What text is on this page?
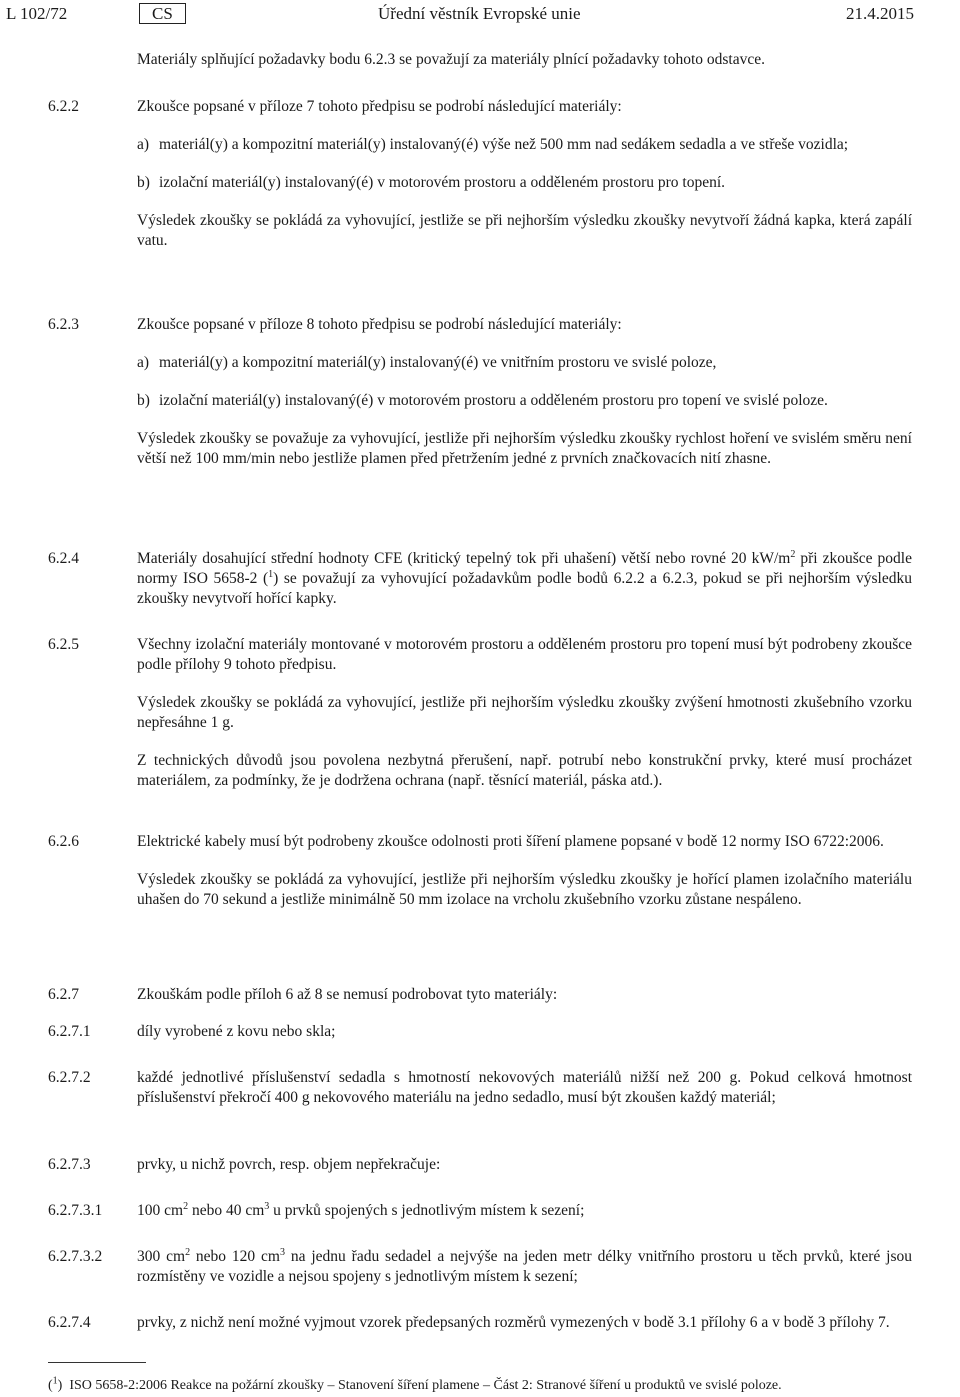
L 102/72	CS	Úřední věstník Evropské unie	21.4.2015
Materiály splňující požadavky bodu 6.2.3 se považují za materiály plnící požadavky tohoto odstavce.
6.2.2	Zkoušce popsané v příloze 7 tohoto předpisu se podrobí následující materiály:

a) materiál(y) a kompozitní materiál(y) instalovaný(é) výše než 500 mm nad sedákem sedadla a ve střeše vozidla;
b) izolační materiál(y) instalovaný(é) v motorovém prostoru a odděleném prostoru pro topení.

Výsledek zkoušky se pokládá za vyhovující, jestliže se při nejhorším výsledku zkoušky nevytvoří žádná kapka, která zapálí vatu.

6.2.3	Zkoušce popsané v příloze 8 tohoto předpisu se podrobí následující materiály:

a) materiál(y) a kompozitní materiál(y) instalovaný(é) ve vnitřním prostoru ve svislé poloze,
b) izolační materiál(y) instalovaný(é) v motorovém prostoru a odděleném prostoru pro topení ve svislé poloze.

Výsledek zkoušky se považuje za vyhovující, jestliže při nejhorším výsledku zkoušky rychlost hoření ve svislém směru není větší než 100 mm/min nebo jestliže plamen před přetržením jedné z prvních značkovacích nití zhasne.

6.2.4	Materiály dosahující střední hodnoty CFE (kritický tepelný tok při uhašení) větší nebo rovné 20 $kW/m^2$ při zkoušce podle normy ISO 5658-2 ($^1$) se považují za vyhovující požadavkům podle bodů 6.2.2 a 6.2.3, pokud se při nejhorším výsledku zkoušky nevytvoří hořící kapky.

6.2.5	Všechny izolační materiály montované v motorovém prostoru a odděleném prostoru pro topení musí být podrobeny zkoušce podle přílohy 9 tohoto předpisu.

Výsledek zkoušky se pokládá za vyhovující, jestliže při nejhorším výsledku zkoušky zvýšení hmotnosti zkušebního vzorku nepřesáhne 1 g.

Z technických důvodů jsou povolena nezbytná přerušení, např. potrubí nebo konstrukční prvky, které musí procházet materiálem, za podmínky, že je dodržena ochrana (např. těsnící materiál, páska atd.).

6.2.6	Elektrické kabely musí být podrobeny zkoušce odolnosti proti šíření plamene popsané v bodě 12 normy ISO 6722:2006.

Výsledek zkoušky se pokládá za vyhovující, jestliže při nejhorším výsledku zkoušky je hořící plamen izolačního materiálu uhašen do 70 sekund a jestliže minimálně 50 mm izolace na vrcholu zkušebního vzorku zůstane nespáleno.

6.2.7	Zkouškám podle příloh 6 až 8 se nemusí podrobovat tyto materiály:

6.2.7.1	díly vyrobené z kovu nebo skla;

6.2.7.2	každé jednotlivé příslušenství sedadla s hmotností nekovových materiálů nižší než 200 g. Pokud celková hmotnost příslušenství překročí 400 g nekovového materiálu na jedno sedadlo, musí být zkoušen každý materiál;

6.2.7.3	prvky, u nichž povrch, resp. objem nepřekračuje:

6.2.7.3.1	100 $cm^2$ nebo 40 $cm^3$ u prvků spojených s jednotlivým místem k sezení;

6.2.7.3.2	300 $cm^2$ nebo 120 $cm^3$ na jednu řadu sedadel a nejvýše na jeden metr délky vnitřního prostoru u těch prvků, které jsou rozmístěny ve vozidle a nejsou spojeny s jednotlivým místem k sezení;

6.2.7.4	prvky, z nichž není možné vyjmout vzorek předepsaných rozměrů vymezených v bodě 3.1 přílohy 6 a v bodě 3 přílohy 7.

($^1$) ISO 5658-2:2006 Reakce na požární zkoušky – Stanovení šíření plamene – Část 2: Stranové šíření u produktů ve svislé poloze.
